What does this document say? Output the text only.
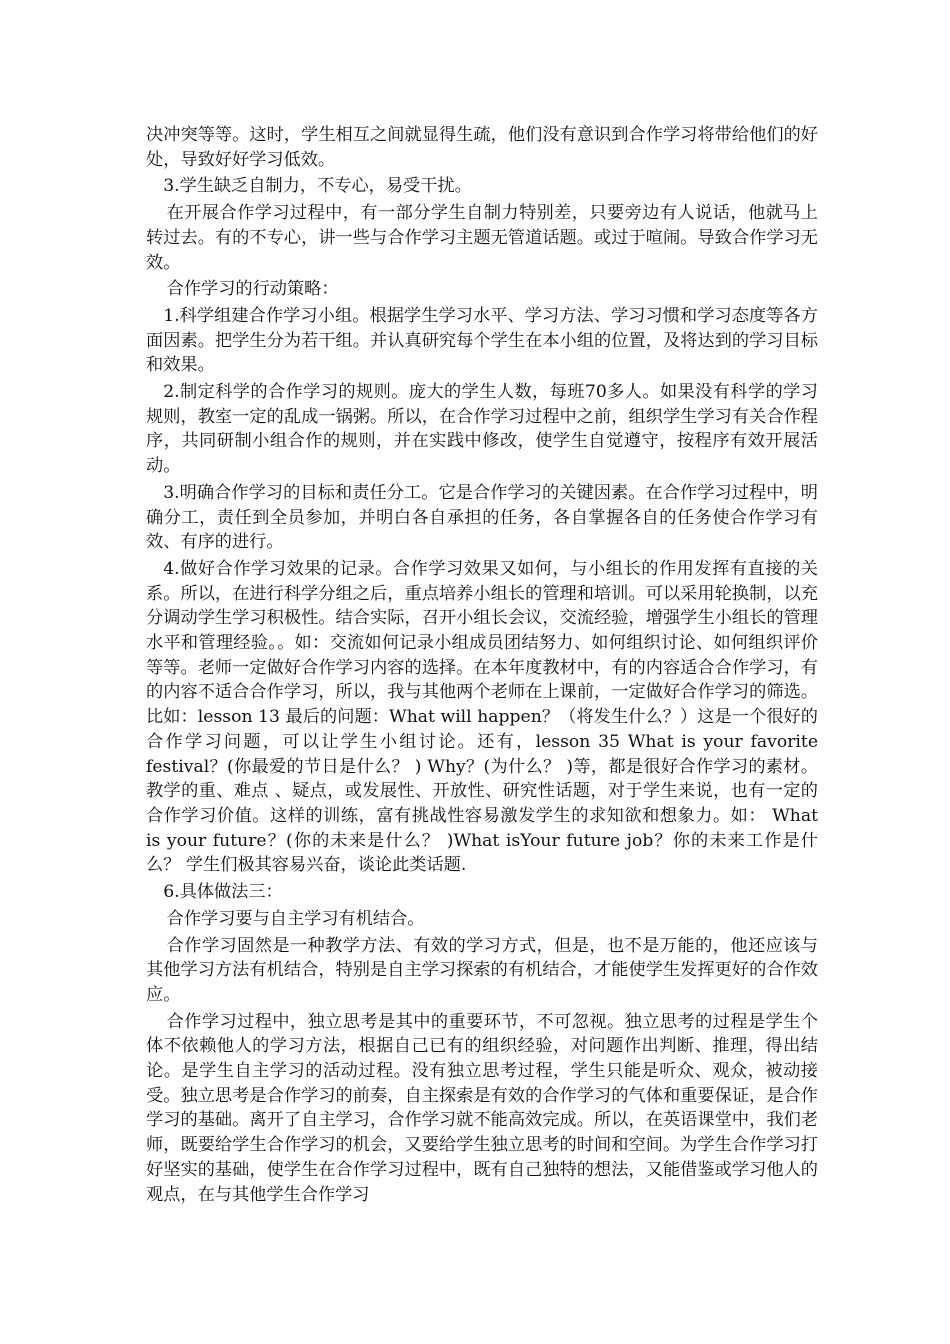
决冲突等等。这时，学生相互之间就显得生疏，他们没有意识到合作学习将带给他们的好处，导致好好学习低效。

3.学生缺乏自制力，不专心，易受干扰。

在开展合作学习过程中，有一部分学生自制力特别差，只要旁边有人说话，他就马上转过去。有的不专心，讲一些与合作学习主题无管道话题。或过于喧闹。导致合作学习无效。

合作学习的行动策略：

1.科学组建合作学习小组。根据学生学习水平、学习方法、学习习惯和学习态度等各方面因素。把学生分为若干组。并认真研究每个学生在本小组的位置，及将达到的学习目标和效果。

2.制定科学的合作学习的规则。庞大的学生人数，每班70多人。如果没有科学的学习规则，教室一定的乱成一锅粥。所以，在合作学习过程中之前，组织学生学习有关合作程序，共同研制小组合作的规则，并在实践中修改，使学生自觉遵守，按程序有效开展活动。

3.明确合作学习的目标和责任分工。它是合作学习的关键因素。在合作学习过程中，明确分工，责任到全员参加，并明白各自承担的任务，各自掌握各自的任务使合作学习有效、有序的进行。

4.做好合作学习效果的记录。合作学习效果又如何，与小组长的作用发挥有直接的关系。所以，在进行科学分组之后，重点培养小组长的管理和培训。可以采用轮换制，以充分调动学生学习积极性。结合实际，召开小组长会议，交流经验，增强学生小组长的管理水平和管理经验。。如：交流如何记录小组成员团结努力、如何组织讨论、如何组织评价等等。老师一定做好合作学习内容的选择。在本年度教材中，有的内容适合合作学习，有的内容不适合合作学习，所以，我与其他两个老师在上课前，一定做好合作学习的筛选。比如：lesson 13 最后的问题：What will happen？（将发生什么？）这是一个很好的合作学习问题，可以让学生小组讨论。还有，lesson 35 What is your favorite festival？(你最爱的节日是什么？ ) Why？(为什么？ )等，都是很好合作学习的素材。教学的重、难点 、疑点，或发展性、开放性、研究性话题，对于学生来说，也有一定的合作学习价值。这样的训练，富有挑战性容易激发学生的求知欲和想象力。如： What is your future？(你的未来是什么？ )What isYour future job？你的未来工作是什么？ 学生们极其容易兴奋，谈论此类话题.

6.具体做法三：

合作学习要与自主学习有机结合。

合作学习固然是一种教学方法、有效的学习方式，但是，也不是万能的，他还应该与其他学习方法有机结合，特别是自主学习探索的有机结合，才能使学生发挥更好的合作效应。

合作学习过程中，独立思考是其中的重要环节，不可忽视。独立思考的过程是学生个体不依赖他人的学习方法，根据自己已有的组织经验，对问题作出判断、推理，得出结论。是学生自主学习的活动过程。没有独立思考过程，学生只能是听众、观众，被动接受。独立思考是合作学习的前奏，自主探索是有效的合作学习的气体和重要保证，是合作学习的基础。离开了自主学习，合作学习就不能高效完成。所以，在英语课堂中，我们老师，既要给学生合作学习的机会，又要给学生独立思考的时间和空间。为学生合作学习打好坚实的基础，使学生在合作学习过程中，既有自己独特的想法，又能借鉴或学习他人的观点，在与其他学生合作学习
